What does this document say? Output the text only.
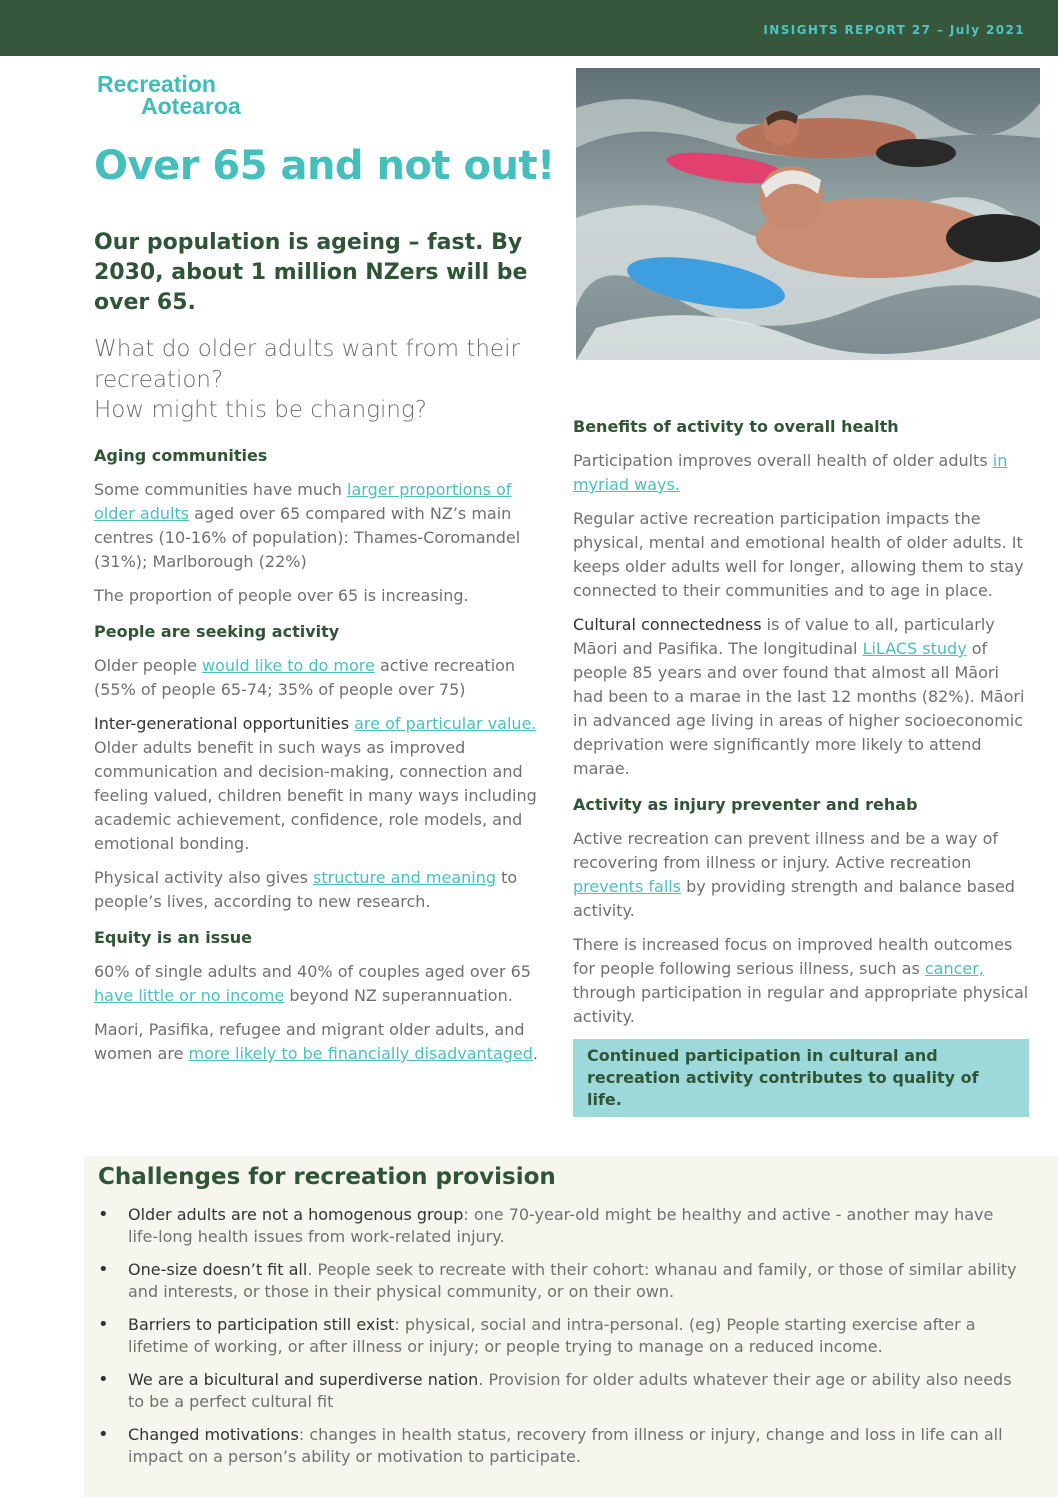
INSIGHTS REPORT 27 – July 2021
Recreation
Aotearoa
Over 65 and not out!
Our population is ageing – fast. By 2030, about 1 million NZers will be over 65.
What do older adults want from their recreation?
How might this be changing?
Aging communities

Some communities have much larger proportions of older adults aged over 65 compared with NZ’s main centres (10-16% of population): Thames-Coromandel (31%); Marlborough (22%)

The proportion of people over 65 is increasing.

People are seeking activity

Older people would like to do more active recreation (55% of people 65-74; 35% of people over 75)

Inter-generational opportunities are of particular value. Older adults benefit in such ways as improved communication and decision-making, connection and feeling valued, children benefit in many ways including academic achievement, confidence, role models, and emotional bonding.

Physical activity also gives structure and meaning to people’s lives, according to new research.

Equity is an issue

60% of single adults and 40% of couples aged over 65 have little or no income beyond NZ superannuation.

Maori, Pasifika, refugee and migrant older adults, and women are more likely to be financially disadvantaged.

Benefits of activity to overall health

Participation improves overall health of older adults in myriad ways.

Regular active recreation participation impacts the physical, mental and emotional health of older adults. It keeps older adults well for longer, allowing them to stay connected to their communities and to age in place.

Cultural connectedness is of value to all, particularly Māori and Pasifika. The longitudinal LiLACS study of people 85 years and over found that almost all Māori had been to a marae in the last 12 months (82%). Māori in advanced age living in areas of higher socioeconomic deprivation were significantly more likely to attend marae.

Activity as injury preventer and rehab

Active recreation can prevent illness and be a way of recovering from illness or injury. Active recreation prevents falls by providing strength and balance based activity.

There is increased focus on improved health outcomes for people following serious illness, such as cancer, through participation in regular and appropriate physical activity.

Continued participation in cultural and recreation activity contributes to quality of life.
Challenges for recreation provision
• Older adults are not a homogenous group: one 70-year-old might be healthy and active - another may have life-long health issues from work-related injury.
• One-size doesn’t fit all. People seek to recreate with their cohort: whanau and family, or those of similar ability and interests, or those in their physical community, or on their own.
• Barriers to participation still exist: physical, social and intra-personal. (eg) People starting exercise after a lifetime of working, or after illness or injury; or people trying to manage on a reduced income.
• We are a bicultural and superdiverse nation. Provision for older adults whatever their age or ability also needs to be a perfect cultural fit
• Changed motivations: changes in health status, recovery from illness or injury, change and loss in life can all impact on a person’s ability or motivation to participate.
